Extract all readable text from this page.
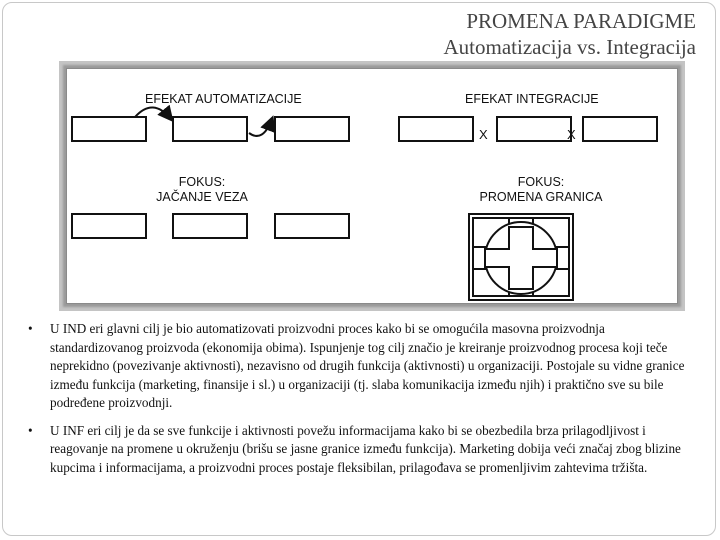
PROMENA PARADIGME
Automatizacija vs. Integracija
EFEKAT AUTOMATIZACIJE	EFEKAT INTEGRACIJE
X	X
FOKUS:
JAČANJE VEZA
FOKUS:
PROMENA GRANICA
• U IND eri glavni cilj je bio automatizovati proizvodni proces kako bi se omogućila masovna proizvodnja standardizovanog proizvoda (ekonomija obima). Ispunjenje tog cilj značio je kreiranje proizvodnog procesa koji teče neprekidno (povezivanje aktivnosti), nezavisno od drugih funkcija (aktivnosti) u organizaciji. Postojale su vidne granice između funkcija (marketing, finansije i sl.) u organizaciji (tj. slaba komunikacija između njih) i praktično sve su bile podređene proizvodnji.
• U INF eri cilj je da se sve funkcije i aktivnosti povežu informacijama kako bi se obezbedila brza prilagodljivost i reagovanje na promene u okruženju (brišu se jasne granice između funkcija). Marketing dobija veći značaj zbog blizine kupcima i informacijama, a proizvodni proces postaje fleksibilan, prilagođava se promenljivim zahtevima tržišta.
